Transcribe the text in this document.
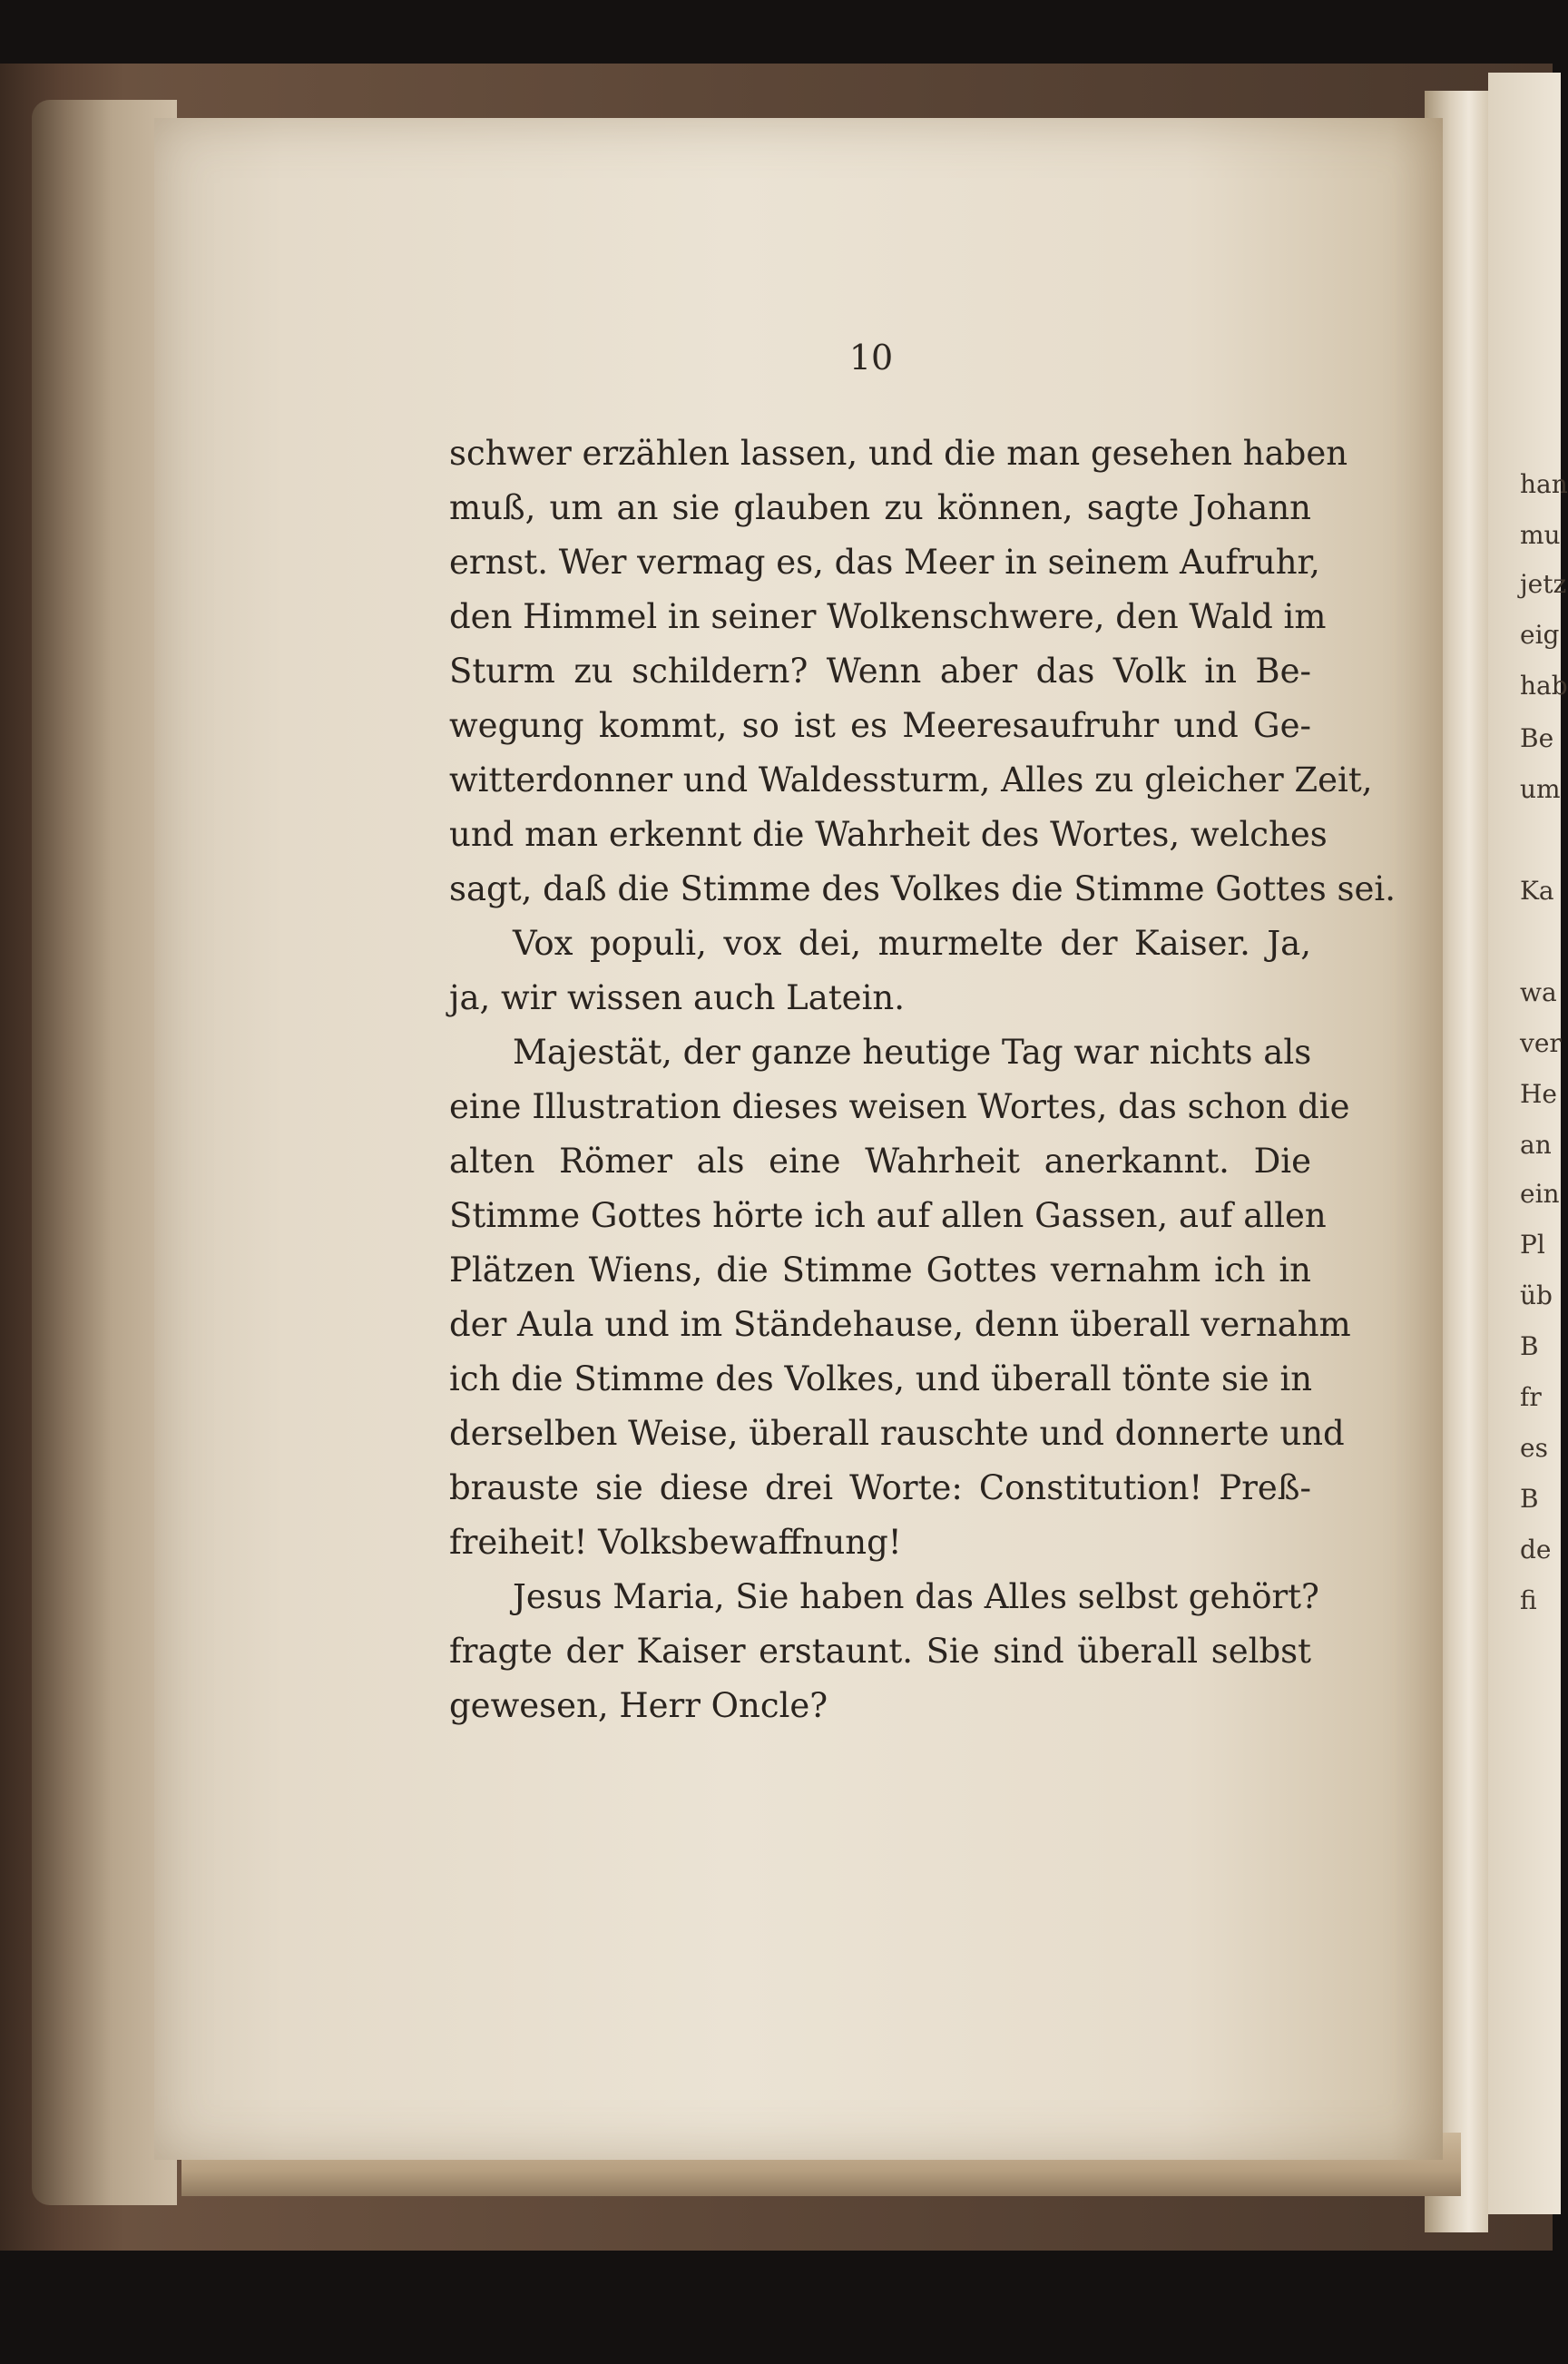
10
schwer erzählen lassen, und die man gesehen haben
muß, um an sie glauben zu können, sagte Johann
ernst. Wer vermag es, das Meer in seinem Aufruhr,
den Himmel in seiner Wolkenschwere, den Wald im
Sturm zu schildern? Wenn aber das Volk in Be-
wegung kommt, so ist es Meeresaufruhr und Ge-
witterdonner und Waldessturm, Alles zu gleicher Zeit,
und man erkennt die Wahrheit des Wortes, welches
sagt, daß die Stimme des Volkes die Stimme Gottes sei.
Vox populi, vox dei, murmelte der Kaiser. Ja,
ja, wir wissen auch Latein.
Majestät, der ganze heutige Tag war nichts als
eine Illustration dieses weisen Wortes, das schon die
alten Römer als eine Wahrheit anerkannt. Die
Stimme Gottes hörte ich auf allen Gassen, auf allen
Plätzen Wiens, die Stimme Gottes vernahm ich in
der Aula und im Ständehause, denn überall vernahm
ich die Stimme des Volkes, und überall tönte sie in
derselben Weise, überall rauschte und donnerte und
brauste sie diese drei Worte: Constitution! Preß-
freiheit! Volksbewaffnung!
Jesus Maria, Sie haben das Alles selbst gehört?
fragte der Kaiser erstaunt. Sie sind überall selbst
gewesen, Herr Oncle?
han
mu
jetz
eig
hab
Be
um
Ka
wa
ver
He
an
ein
Pl
üb
B
fr
es
B
de
fi
